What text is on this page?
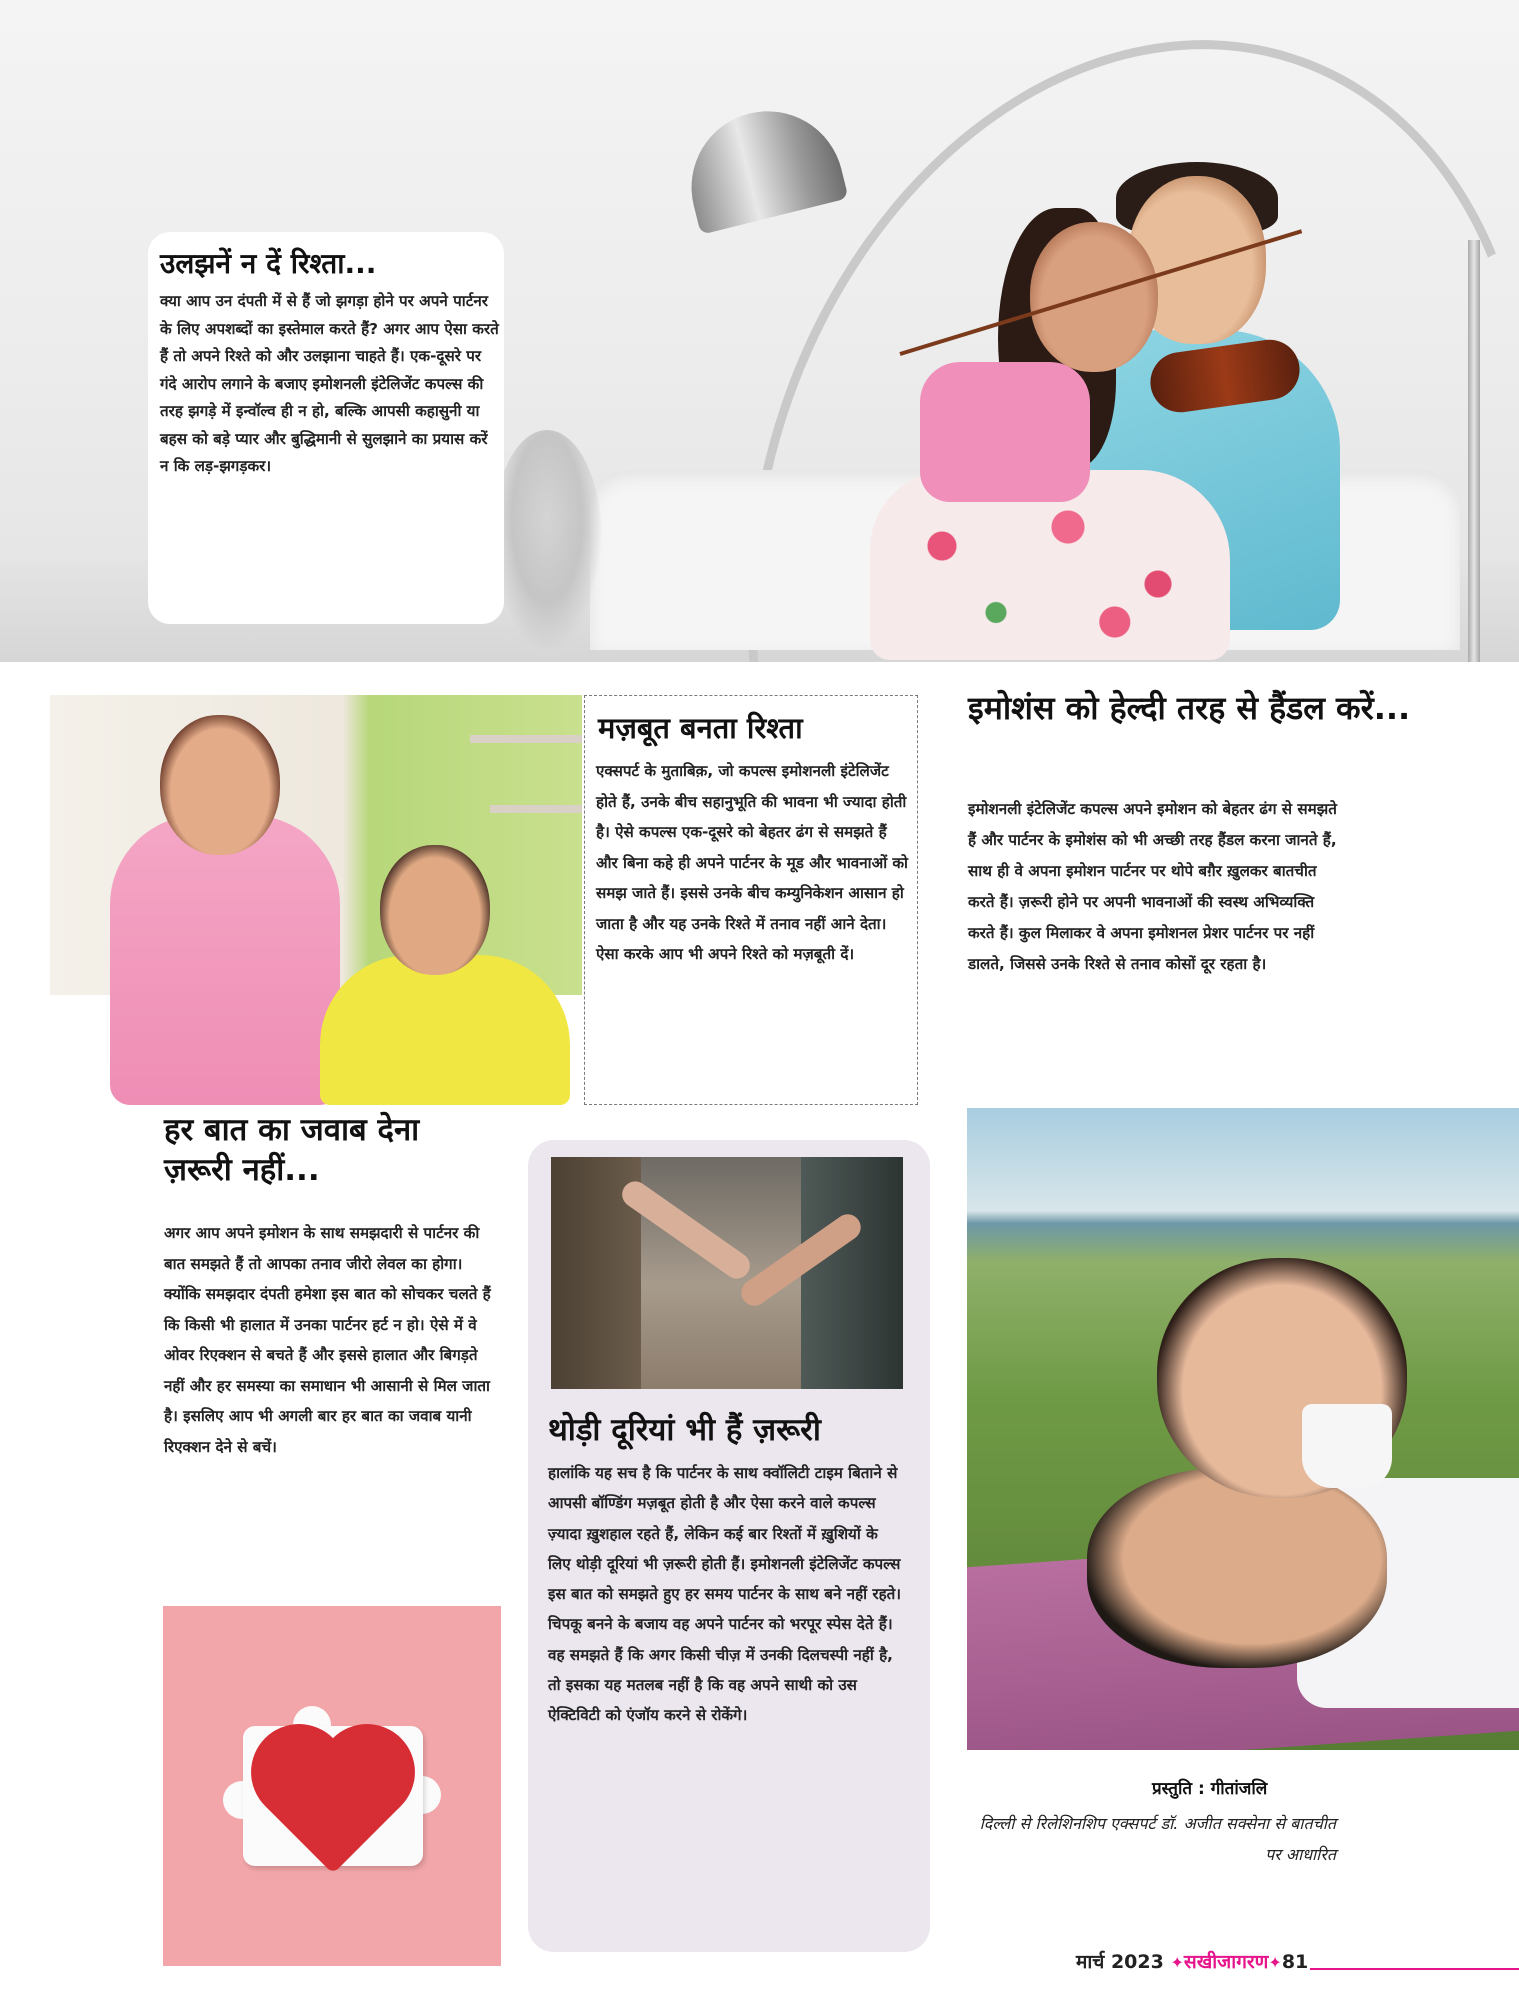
उलझनें न दें रिश्ता...

क्या आप उन दंपती में से हैं जो झगड़ा होने पर अपने पार्टनर के लिए अपशब्दों का इस्तेमाल करते हैं? अगर आप ऐसा करते हैं तो अपने रिश्ते को और उलझाना चाहते हैं। एक-दूसरे पर गंदे आरोप लगाने के बजाए इमोशनली इंटेलिजेंट कपल्स की तरह झगड़े में इन्वॉल्व ही न हो, बल्कि आपसी कहासुनी या बहस को बड़े प्यार और बुद्धिमानी से सुलझाने का प्रयास करें न कि लड़-झगड़कर।

मज़बूत बनता रिश्ता

एक्सपर्ट के मुताबिक़, जो कपल्स इमोशनली इंटेलिजेंट होते हैं, उनके बीच सहानुभूति की भावना भी ज्यादा होती है। ऐसे कपल्स एक-दूसरे को बेहतर ढंग से समझते हैं और बिना कहे ही अपने पार्टनर के मूड और भावनाओं को समझ जाते हैं। इससे उनके बीच कम्युनिकेशन आसान हो जाता है और यह उनके रिश्ते में तनाव नहीं आने देता। ऐसा करके आप भी अपने रिश्ते को मज़बूती दें।

इमोशंस को हेल्दी तरह से हैंडल करें...

इमोशनली इंटेलिजेंट कपल्स अपने इमोशन को बेहतर ढंग से समझते हैं और पार्टनर के इमोशंस को भी अच्छी तरह हैंडल करना जानते हैं, साथ ही वे अपना इमोशन पार्टनर पर थोपे बग़ैर ख़ुलकर बातचीत करते हैं। ज़रूरी होने पर अपनी भावनाओं की स्वस्थ अभिव्यक्ति करते हैं। कुल मिलाकर वे अपना इमोशनल प्रेशर पार्टनर पर नहीं डालते, जिससे उनके रिश्ते से तनाव कोसों दूर रहता है।

हर बात का जवाब देना ज़रूरी नहीं...

अगर आप अपने इमोशन के साथ समझदारी से पार्टनर की बात समझते हैं तो आपका तनाव जीरो लेवल का होगा। क्योंकि समझदार दंपती हमेशा इस बात को सोचकर चलते हैं कि किसी भी हालात में उनका पार्टनर हर्ट न हो। ऐसे में वे ओवर रिएक्शन से बचते हैं और इससे हालात और बिगड़ते नहीं और हर समस्या का समाधान भी आसानी से मिल जाता है। इसलिए आप भी अगली बार हर बात का जवाब यानी रिएक्शन देने से बचें।	थोड़ी दूरियां भी हैं ज़रूरी

हालांकि यह सच है कि पार्टनर के साथ क्वॉलिटी टाइम बिताने से आपसी बॉण्डिंग मज़बूत होती है और ऐसा करने वाले कपल्स ज़्यादा ख़ुशहाल रहते हैं, लेकिन कई बार रिश्तों में ख़ुशियों के लिए थोड़ी दूरियां भी ज़रूरी होती हैं। इमोशनली इंटेलिजेंट कपल्स इस बात को समझते हुए हर समय पार्टनर के साथ बने नहीं रहते। चिपकू बनने के बजाय वह अपने पार्टनर को भरपूर स्पेस देते हैं। वह समझते हैं कि अगर किसी चीज़ में उनकी दिलचस्पी नहीं है, तो इसका यह मतलब नहीं है कि वह अपने साथी को उस ऐक्टिविटी को एंजॉय करने से रोकेंगे।

प्रस्तुति : गीतांजलि
दिल्ली से रिलेशिनशिप एक्सपर्ट डॉ. अजीत सक्सेना से बातचीत पर आधारित
मार्च 2023 ✦सखीजागरण✦81
